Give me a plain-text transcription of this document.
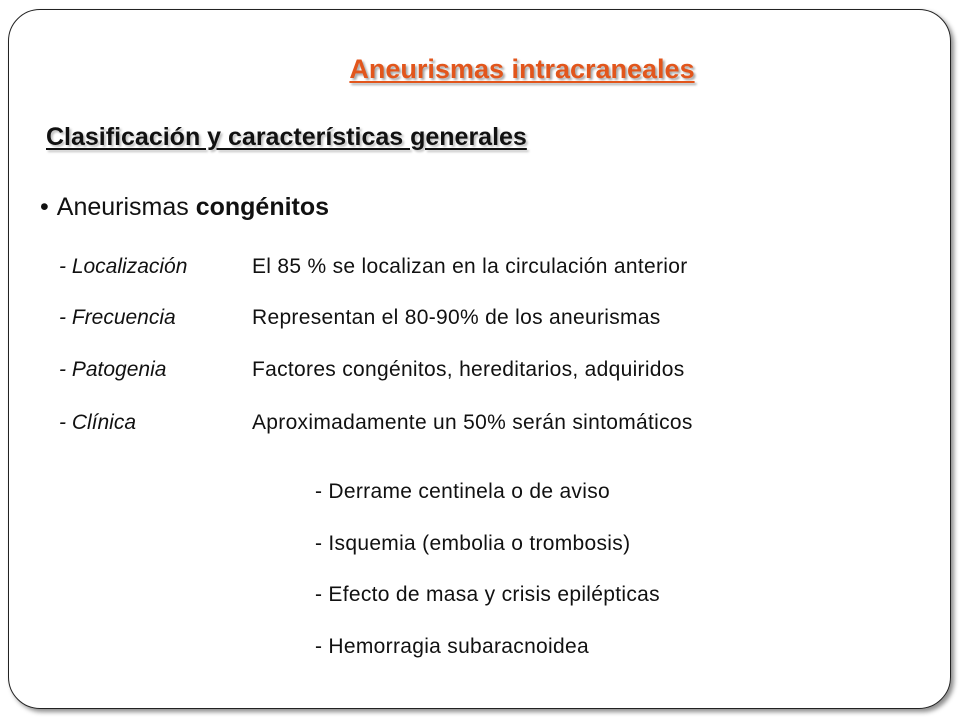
Aneurismas intracraneales
Clasificación y características generales
• Aneurismas congénitos
- Localización	El 85 % se localizan en la circulación anterior
- Frecuencia	Representan el 80-90% de los aneurismas
- Patogenia	Factores congénitos, hereditarios, adquiridos
- Clínica	Aproximadamente un 50% serán sintomáticos
- Derrame centinela o de aviso
- Isquemia (embolia o trombosis)
- Efecto de masa y crisis epilépticas
- Hemorragia subaracnoidea
